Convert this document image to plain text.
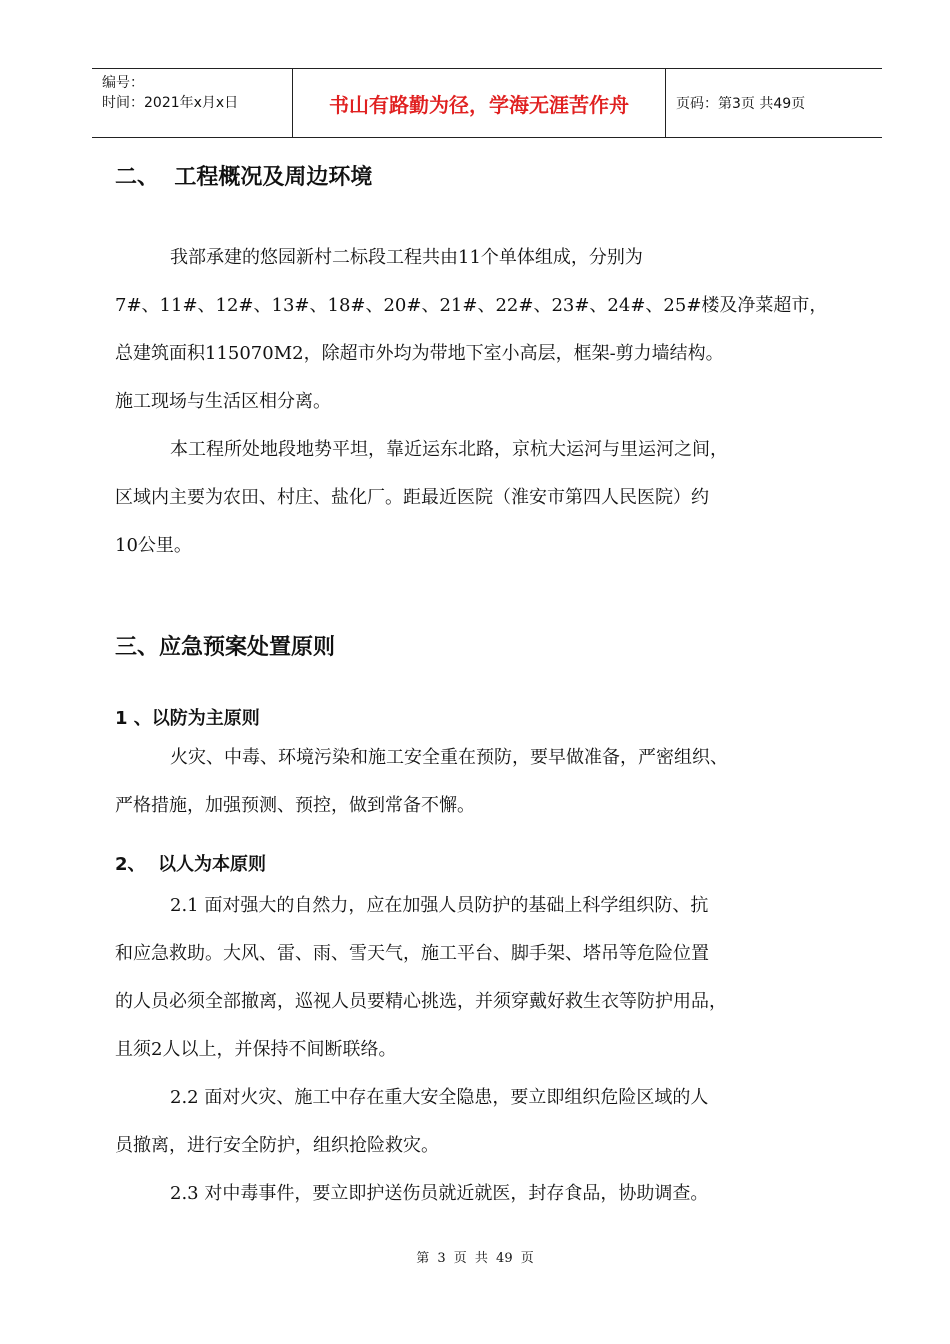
编号：
时间：2021年x月x日	书山有路勤为径，学海无涯苦作舟	页码：第3页 共49页
二、  工程概况及周边环境

我部承建的悠园新村二标段工程共由11个单体组成，分别为

7#、11#、12#、13#、18#、20#、21#、22#、23#、24#、25#楼及净菜超市，

总建筑面积115070M2，除超市外均为带地下室小高层，框架-剪力墙结构。

施工现场与生活区相分离。

本工程所处地段地势平坦，靠近运东北路，京杭大运河与里运河之间，

区域内主要为农田、村庄、盐化厂。距最近医院（淮安市第四人民医院）约

10公里。

三、应急预案处置原则
1 、以防为主原则

火灾、中毒、环境污染和施工安全重在预防，要早做准备，严密组织、

严格措施，加强预测、预控，做到常备不懈。

2、  以人为本原则

2.1 面对强大的自然力，应在加强人员防护的基础上科学组织防、抗

和应急救助。大风、雷、雨、雪天气，施工平台、脚手架、塔吊等危险位置

的人员必须全部撤离，巡视人员要精心挑选，并须穿戴好救生衣等防护用品，

且须2人以上，并保持不间断联络。

2.2 面对火灾、施工中存在重大安全隐患，要立即组织危险区域的人

员撤离，进行安全防护，组织抢险救灾。

2.3 对中毒事件，要立即护送伤员就近就医，封存食品，协助调查。

第 3 页 共 49 页
